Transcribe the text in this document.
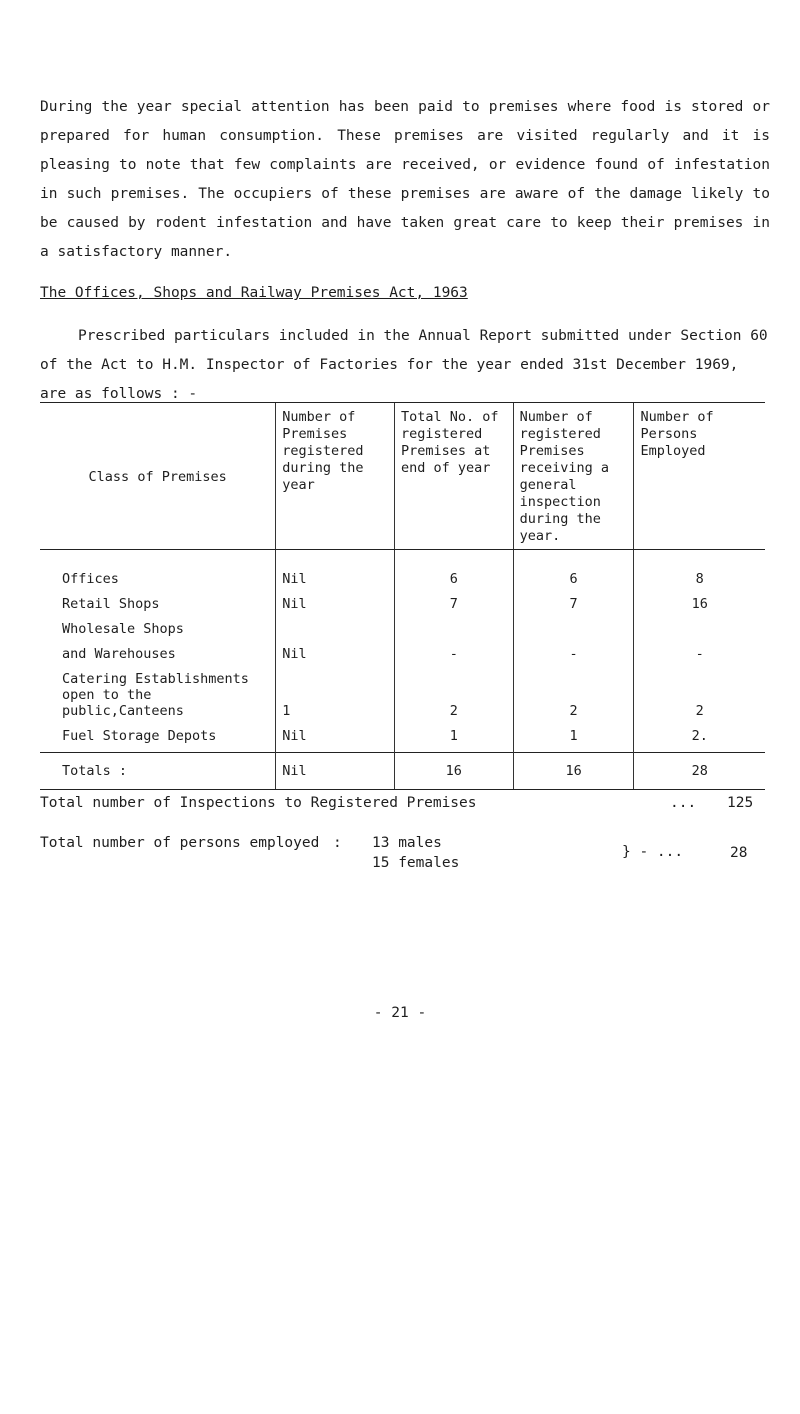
During the year special attention has been paid to premises where food is stored or prepared for human consumption. These premises are visited regularly and it is pleasing to note that few complaints are received, or evidence found of infestation in such premises. The occupiers of these premises are aware of the damage likely to be caused by rodent infestation and have taken great care to keep their premises in a satisfactory manner.

The Offices, Shops and Railway Premises Act, 1963

Prescribed particulars included in the Annual Report submitted under Section 60 of the Act to H.M. Inspector of Factories for the year ended 31st December 1969, are as follows : -

Class of Premises	Number of Premises registered during the year	Total No. of registered Premises at end of year	Number of registered Premises receiving a general inspection during the year.	Number of Persons Employed
Offices	Nil	6	6	8
Retail Shops	Nil	7	7	16
Wholesale Shops				
and Warehouses	Nil	-	-	-
Catering Establishments				
open to the public,Canteens	1	2	2	2
Fuel Storage Depots	Nil	1	1	2.
Totals :	Nil	16	16	28
Total number of Inspections to Registered Premises	... 125
Total number of persons employed : 13 males
15 females
} - ...	28
- 21 -
